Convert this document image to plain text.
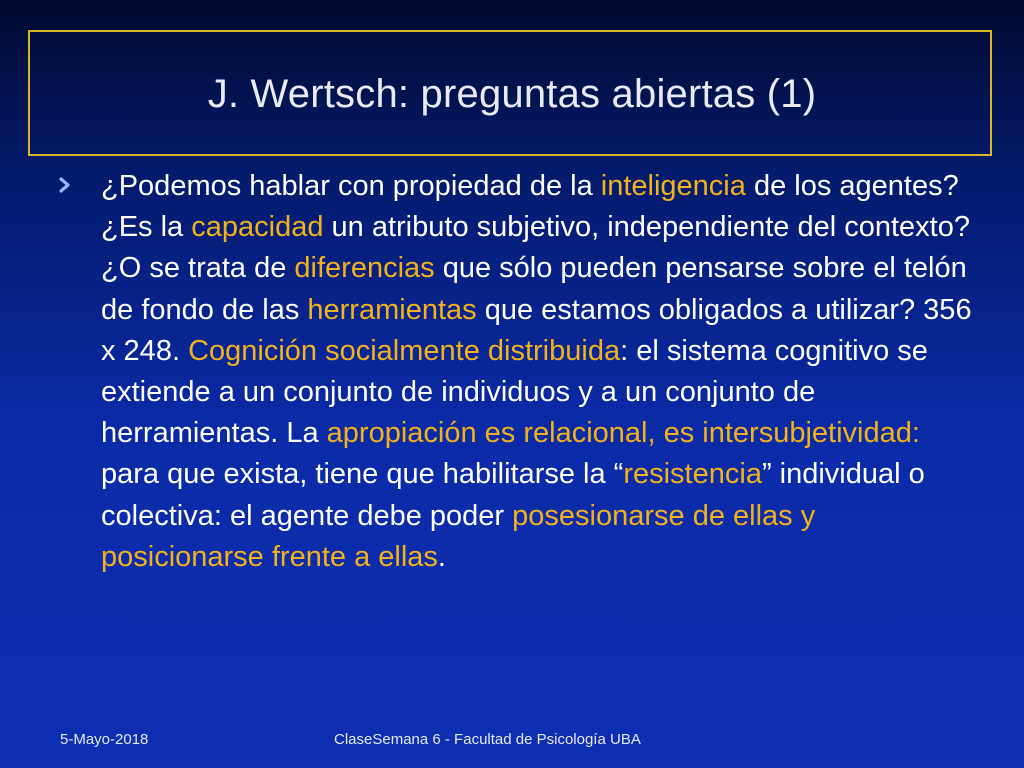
J. Wertsch: preguntas abiertas (1)

¿Podemos hablar con propiedad de la inteligencia de los agentes? ¿Es la capacidad un atributo subjetivo, independiente del contexto? ¿O se trata de diferencias que sólo pueden pensarse sobre el telón de fondo de las herramientas que estamos obligados a utilizar? 356 x 248. Cognición socialmente distribuida: el sistema cognitivo se extiende a un conjunto de individuos y a un conjunto de herramientas. La apropiación es relacional, es intersubjetividad: para que exista, tiene que habilitarse la “resistencia” individual o colectiva: el agente debe poder posesionarse de ellas y posicionarse frente a ellas.

5-Mayo-2018	ClaseSemana 6 - Facultad de Psicología UBA
